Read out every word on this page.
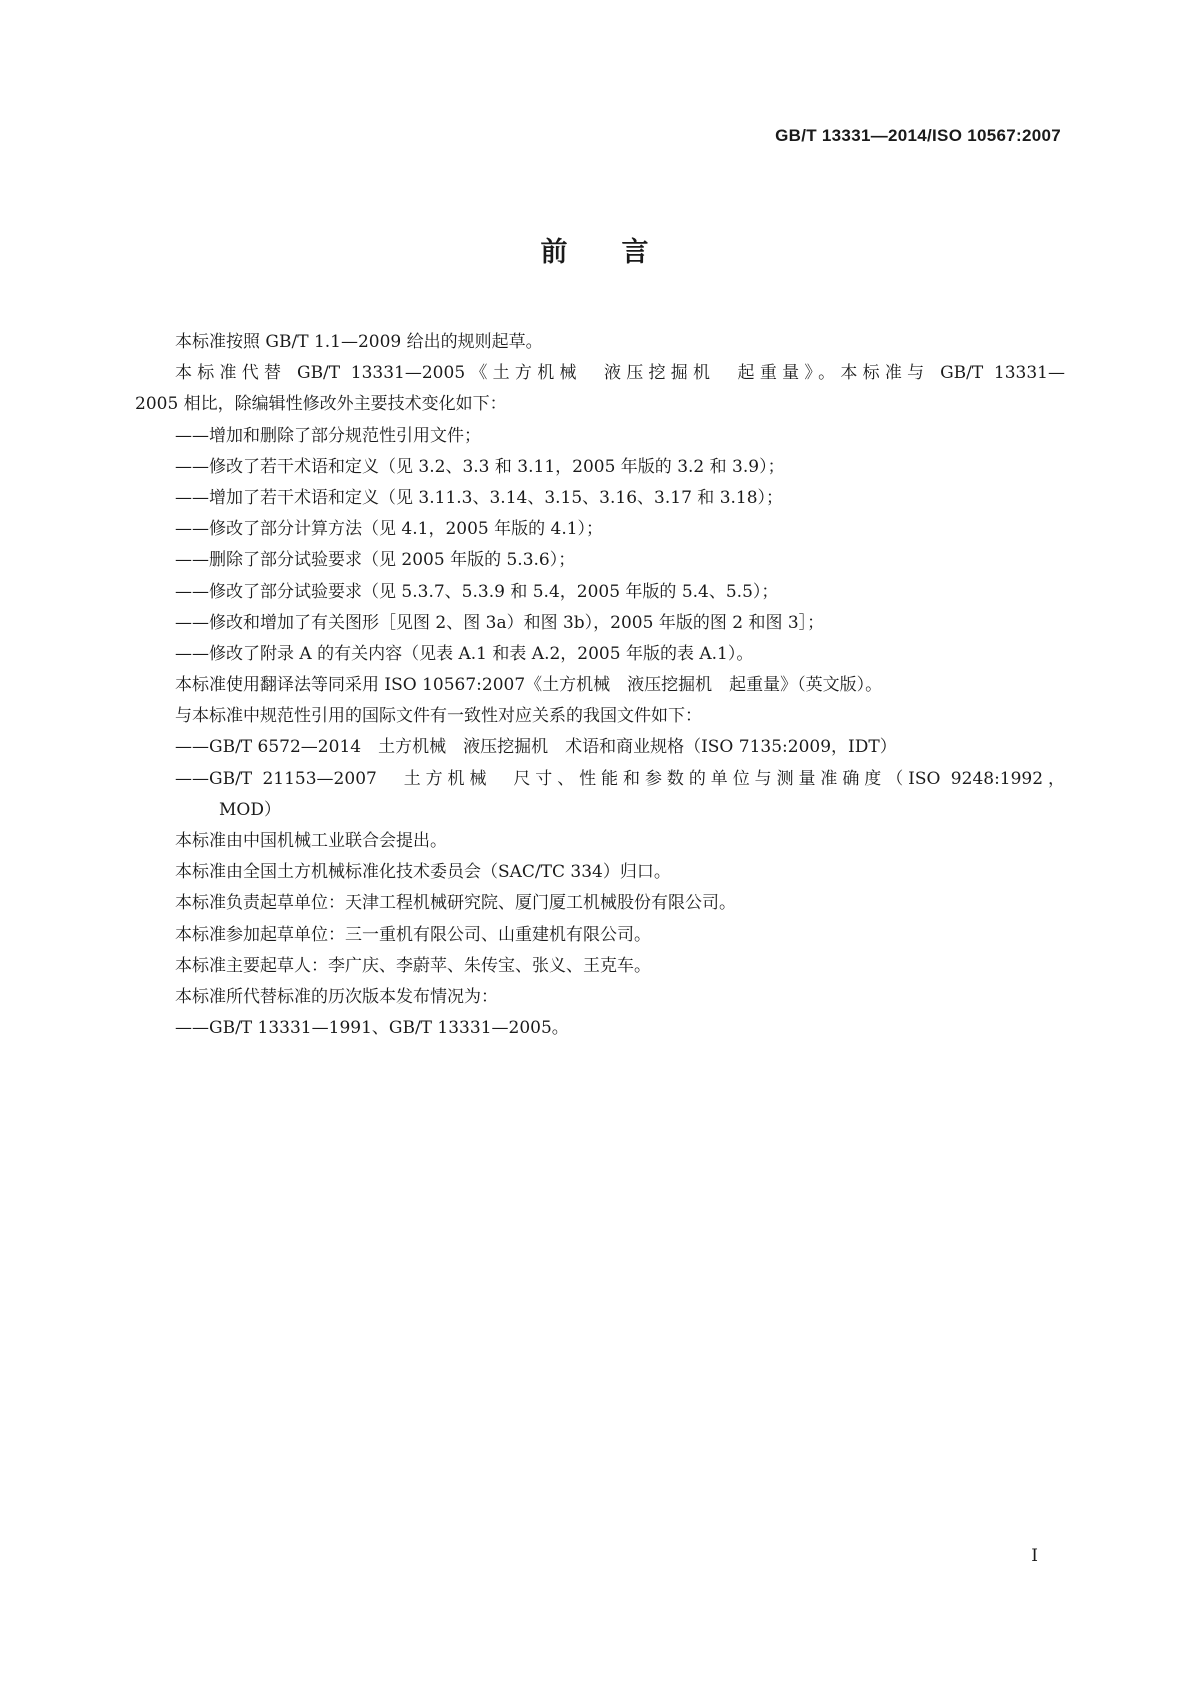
GB/T 13331—2014/ISO 10567:2007
前 言
本标准按照 GB/T 1.1—2009 给出的规则起草。
本标准代替 GB/T 13331—2005《土方机械　液压挖掘机　起重量》。本标准与 GB/T 13331—
2005 相比，除编辑性修改外主要技术变化如下：
——增加和删除了部分规范性引用文件；
——修改了若干术语和定义（见 3.2、3.3 和 3.11，2005 年版的 3.2 和 3.9）；
——增加了若干术语和定义（见 3.11.3、3.14、3.15、3.16、3.17 和 3.18）；
——修改了部分计算方法（见 4.1，2005 年版的 4.1）；
——删除了部分试验要求（见 2005 年版的 5.3.6）；
——修改了部分试验要求（见 5.3.7、5.3.9 和 5.4，2005 年版的 5.4、5.5）；
——修改和增加了有关图形［见图 2、图 3a）和图 3b），2005 年版的图 2 和图 3］；
——修改了附录 A 的有关内容（见表 A.1 和表 A.2，2005 年版的表 A.1）。
本标准使用翻译法等同采用 ISO 10567:2007《土方机械　液压挖掘机　起重量》（英文版）。
与本标准中规范性引用的国际文件有一致性对应关系的我国文件如下：
——GB/T 6572—2014　土方机械　液压挖掘机　术语和商业规格（ISO 7135:2009，IDT）
——GB/T 21153—2007　土方机械　尺寸、性能和参数的单位与测量准确度（ISO 9248:1992，
MOD）
本标准由中国机械工业联合会提出。
本标准由全国土方机械标准化技术委员会（SAC/TC 334）归口。
本标准负责起草单位：天津工程机械研究院、厦门厦工机械股份有限公司。
本标准参加起草单位：三一重机有限公司、山重建机有限公司。
本标准主要起草人：李广庆、李蔚苹、朱传宝、张义、王克车。
本标准所代替标准的历次版本发布情况为：
——GB/T 13331—1991、GB/T 13331—2005。
I
